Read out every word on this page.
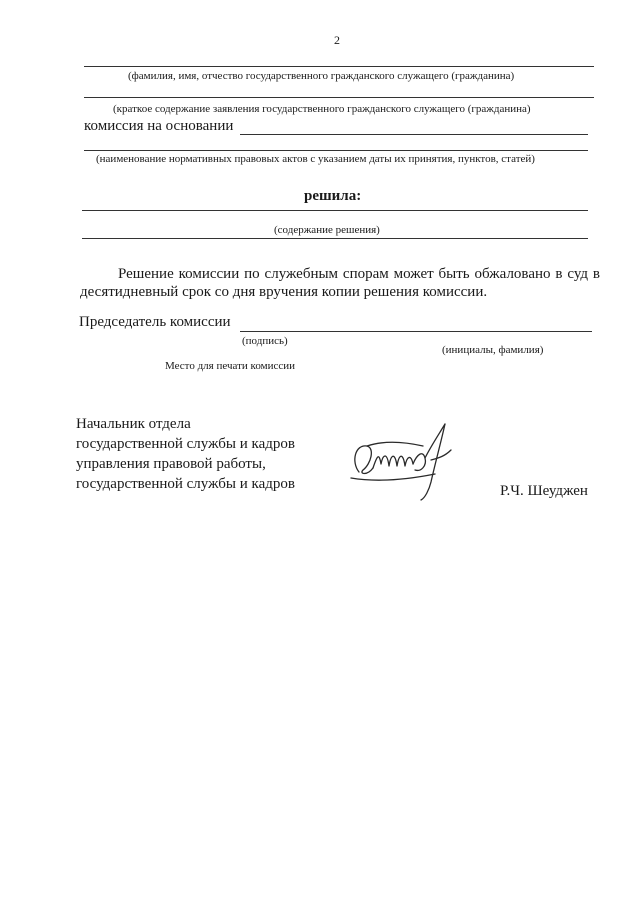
2
(фамилия, имя, отчество государственного гражданского служащего (гражданина)
(краткое содержание заявления государственного гражданского служащего (гражданина)
комиссия на основании
(наименование нормативных правовых актов с указанием даты их принятия, пунктов, статей)
решила:
(содержание решения)
Решение комиссии по служебным спорам может быть обжаловано в суд в десятидневный срок со дня вручения копии решения комиссии.
Председатель комиссии
(подпись)
(инициалы, фамилия)
Место для печати комиссии
Начальник отдела
государственной службы и кадров
управления правовой работы,
государственной службы и кадров	Р.Ч. Шеуджен
